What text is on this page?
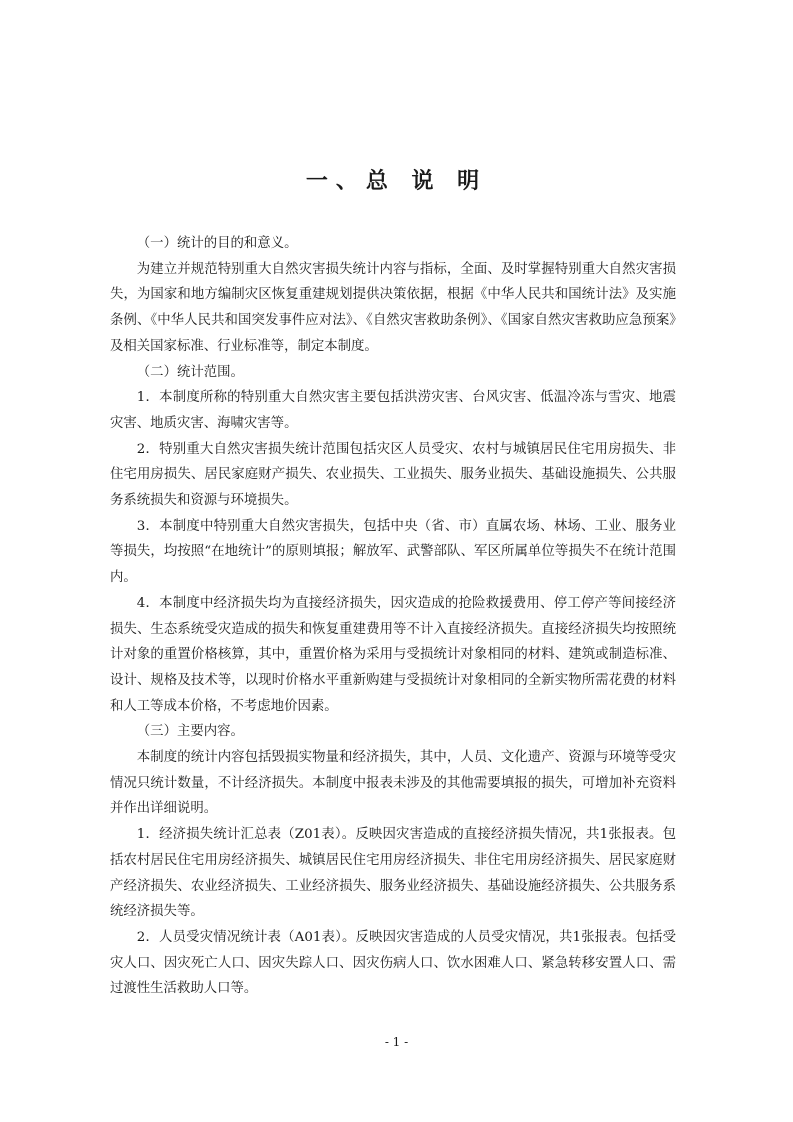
一、总 说 明

（一）统计的目的和意义。

为建立并规范特别重大自然灾害损失统计内容与指标，全面、及时掌握特别重大自然灾害损失，为国家和地方编制灾区恢复重建规划提供决策依据，根据《中华人民共和国统计法》及实施条例、《中华人民共和国突发事件应对法》、《自然灾害救助条例》、《国家自然灾害救助应急预案》及相关国家标准、行业标准等，制定本制度。

（二）统计范围。

1．本制度所称的特别重大自然灾害主要包括洪涝灾害、台风灾害、低温冷冻与雪灾、地震灾害、地质灾害、海啸灾害等。

2．特别重大自然灾害损失统计范围包括灾区人员受灾、农村与城镇居民住宅用房损失、非住宅用房损失、居民家庭财产损失、农业损失、工业损失、服务业损失、基础设施损失、公共服务系统损失和资源与环境损失。

3．本制度中特别重大自然灾害损失，包括中央（省、市）直属农场、林场、工业、服务业等损失，均按照“在地统计”的原则填报；解放军、武警部队、军区所属单位等损失不在统计范围内。

4．本制度中经济损失均为直接经济损失，因灾造成的抢险救援费用、停工停产等间接经济损失、生态系统受灾造成的损失和恢复重建费用等不计入直接经济损失。直接经济损失均按照统计对象的重置价格核算，其中，重置价格为采用与受损统计对象相同的材料、建筑或制造标准、设计、规格及技术等，以现时价格水平重新购建与受损统计对象相同的全新实物所需花费的材料和人工等成本价格，不考虑地价因素。

（三）主要内容。

本制度的统计内容包括毁损实物量和经济损失，其中，人员、文化遗产、资源与环境等受灾情况只统计数量，不计经济损失。本制度中报表未涉及的其他需要填报的损失，可增加补充资料并作出详细说明。

1．经济损失统计汇总表（Z01表）。反映因灾害造成的直接经济损失情况，共1张报表。包括农村居民住宅用房经济损失、城镇居民住宅用房经济损失、非住宅用房经济损失、居民家庭财产经济损失、农业经济损失、工业经济损失、服务业经济损失、基础设施经济损失、公共服务系统经济损失等。

2．人员受灾情况统计表（A01表）。反映因灾害造成的人员受灾情况，共1张报表。包括受灾人口、因灾死亡人口、因灾失踪人口、因灾伤病人口、饮水困难人口、紧急转移安置人口、需过渡性生活救助人口等。

- 1 -
